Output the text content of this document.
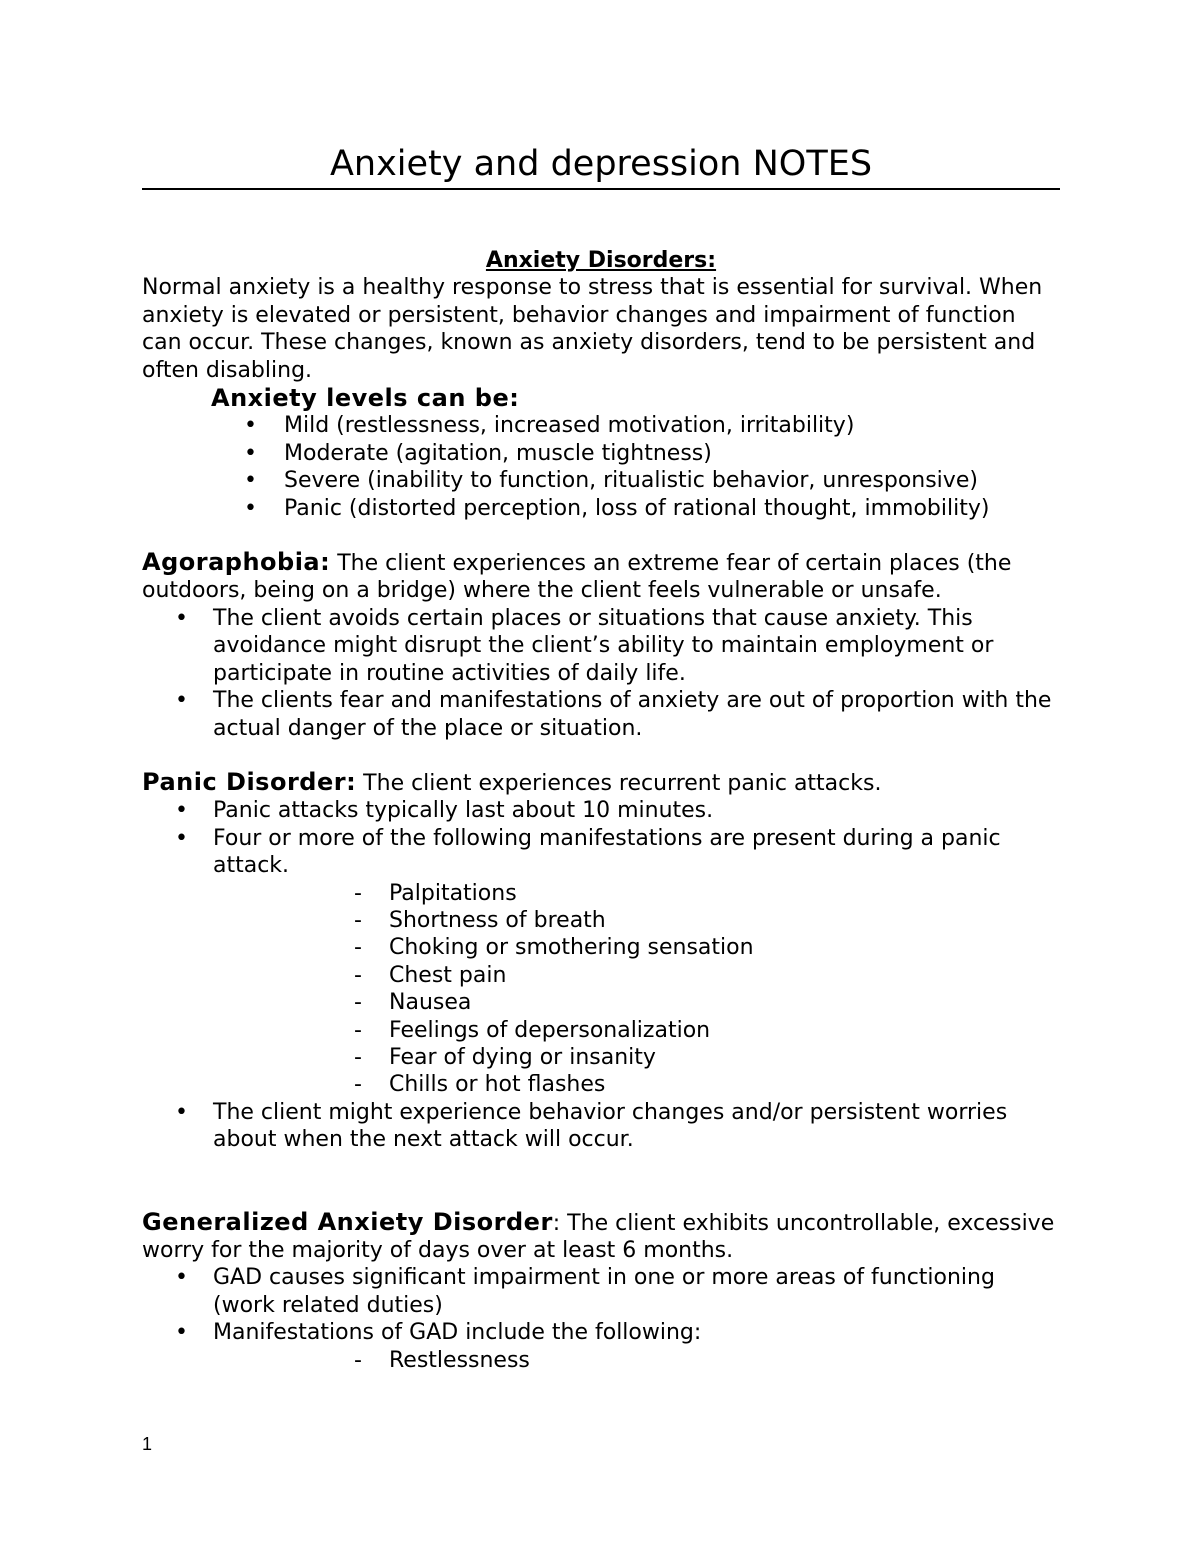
Anxiety and depression NOTES
Anxiety Disorders:

Normal anxiety is a healthy response to stress that is essential for survival. When anxiety is elevated or persistent, behavior changes and impairment of function can occur. These changes, known as anxiety disorders, tend to be persistent and often disabling.

Anxiety levels can be:
• Mild (restlessness, increased motivation, irritability)
• Moderate (agitation, muscle tightness)
• Severe (inability to function, ritualistic behavior, unresponsive)
• Panic (distorted perception, loss of rational thought, immobility)

Agoraphobia: The client experiences an extreme fear of certain places (the outdoors, being on a bridge) where the client feels vulnerable or unsafe.

• The client avoids certain places or situations that cause anxiety. This avoidance might disrupt the client’s ability to maintain employment or participate in routine activities of daily life.
• The clients fear and manifestations of anxiety are out of proportion with the actual danger of the place or situation.

Panic Disorder: The client experiences recurrent panic attacks.

• Panic attacks typically last about 10 minutes.
• Four or more of the following manifestations are present during a panic attack.
- Palpitations
- Shortness of breath
- Choking or smothering sensation
- Chest pain
- Nausea
- Feelings of depersonalization
- Fear of dying or insanity
- Chills or hot flashes
• The client might experience behavior changes and/or persistent worries about when the next attack will occur.

Generalized Anxiety Disorder: The client exhibits uncontrollable, excessive worry for the majority of days over at least 6 months.

• GAD causes significant impairment in one or more areas of functioning (work related duties)
• Manifestations of GAD include the following:
- Restlessness
1
